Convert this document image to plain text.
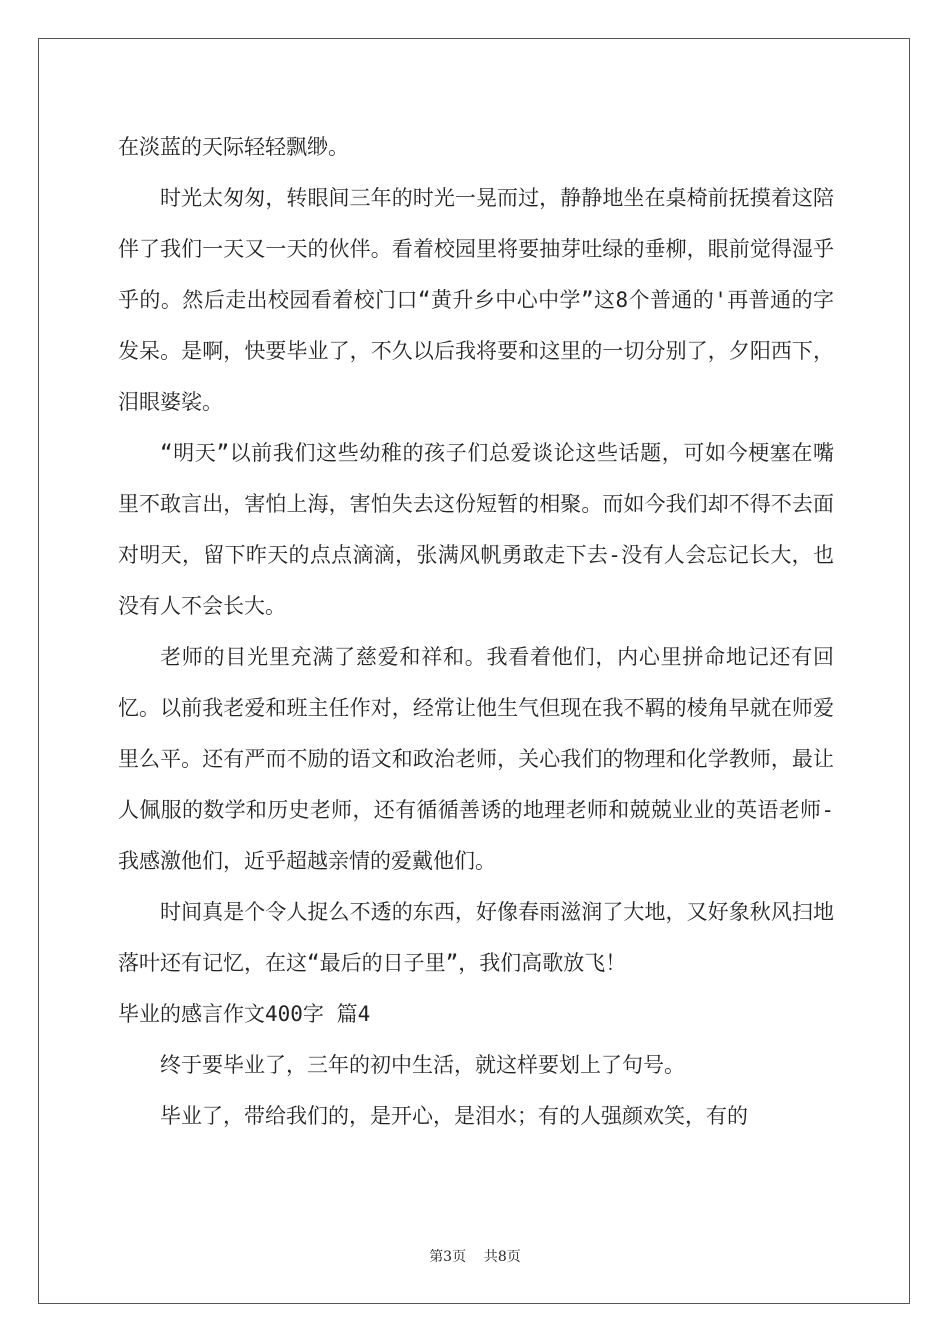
在淡蓝的天际轻轻飘缈。

时光太匆匆，转眼间三年的时光一晃而过，静静地坐在桌椅前抚摸着这陪伴了我们一天又一天的伙伴。看着校园里将要抽芽吐绿的垂柳，眼前觉得湿乎乎的。然后走出校园看着校门口“黄升乡中心中学”这8个普通的'再普通的字发呆。是啊，快要毕业了，不久以后我将要和这里的一切分别了，夕阳西下，泪眼婆裟。

“明天”以前我们这些幼稚的孩子们总爱谈论这些话题，可如今梗塞在嘴里不敢言出，害怕上海，害怕失去这份短暂的相聚。而如今我们却不得不去面对明天，留下昨天的点点滴滴，张满风帆勇敢走下去-没有人会忘记长大，也没有人不会长大。

老师的目光里充满了慈爱和祥和。我看着他们，内心里拼命地记还有回忆。以前我老爱和班主任作对，经常让他生气但现在我不羁的棱角早就在师爱里么平。还有严而不励的语文和政治老师，关心我们的物理和化学教师，最让人佩服的数学和历史老师，还有循循善诱的地理老师和兢兢业业的英语老师-我感激他们，近乎超越亲情的爱戴他们。

时间真是个令人捉么不透的东西，好像春雨滋润了大地，又好象秋风扫地落叶还有记忆，在这“最后的日子里”，我们高歌放飞！

毕业的感言作文400字 篇4

终于要毕业了，三年的初中生活，就这样要划上了句号。

毕业了，带给我们的，是开心，是泪水；有的人强颜欢笑，有的

第3页    共8页
